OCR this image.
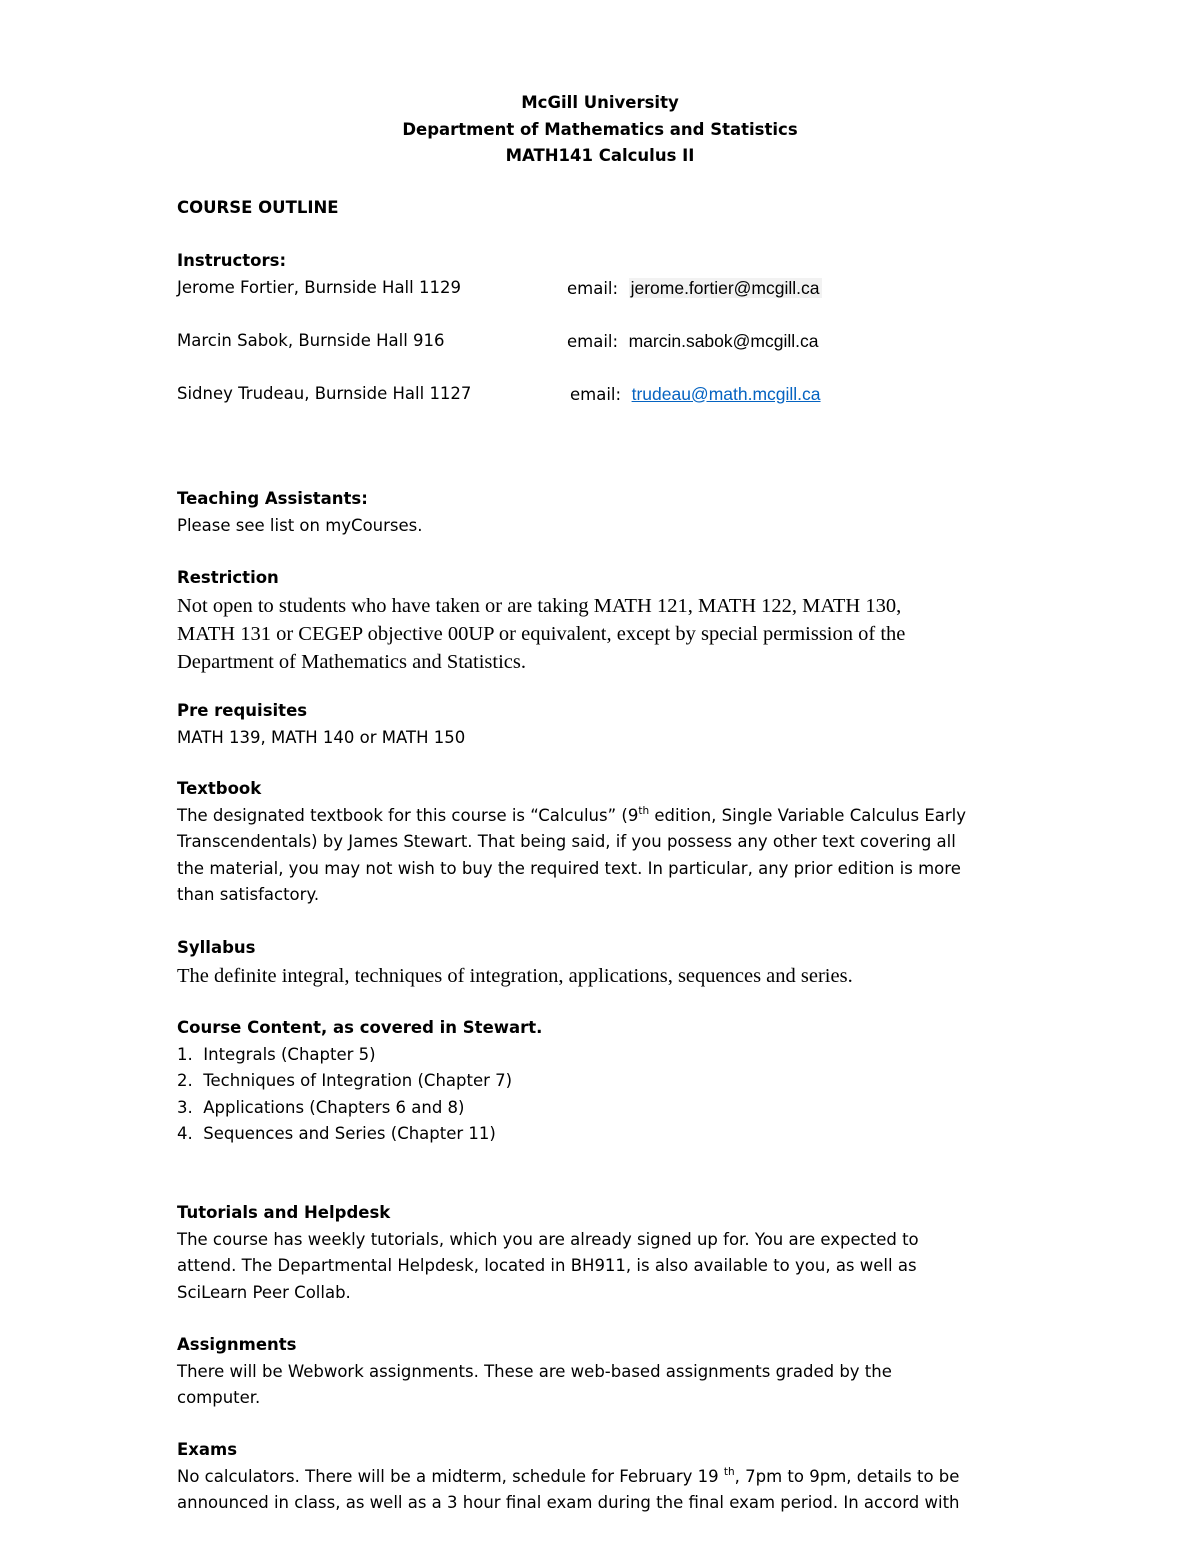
McGill University
Department of Mathematics and Statistics
MATH141 Calculus II
COURSE OUTLINE
Instructors:
Jerome Fortier, Burnside Hall 1129	email: jerome.fortier@mcgill.ca
Marcin Sabok, Burnside Hall 916	email: marcin.sabok@mcgill.ca
Sidney Trudeau, Burnside Hall 1127	email: trudeau@math.mcgill.ca
Teaching Assistants:
Please see list on myCourses.
Restriction
Not open to students who have taken or are taking MATH 121, MATH 122, MATH 130,
MATH 131 or CEGEP objective 00UP or equivalent, except by special permission of the
Department of Mathematics and Statistics.
Pre requisites
MATH 139, MATH 140 or MATH 150
Textbook
The designated textbook for this course is “Calculus” (9th edition, Single Variable Calculus Early
Transcendentals) by James Stewart. That being said, if you possess any other text covering all
the material, you may not wish to buy the required text. In particular, any prior edition is more
than satisfactory.
Syllabus
The definite integral, techniques of integration, applications, sequences and series.
Course Content, as covered in Stewart.
1. Integrals (Chapter 5)
2. Techniques of Integration (Chapter 7)
3. Applications (Chapters 6 and 8)
4. Sequences and Series (Chapter 11)
Tutorials and Helpdesk
The course has weekly tutorials, which you are already signed up for. You are expected to
attend. The Departmental Helpdesk, located in BH911, is also available to you, as well as
SciLearn Peer Collab.
Assignments
There will be Webwork assignments. These are web-based assignments graded by the
computer.
Exams
No calculators. There will be a midterm, schedule for February 19 $^{th}$, 7pm to 9pm, details to be
announced in class, as well as a 3 hour final exam during the final exam period. In accord with
